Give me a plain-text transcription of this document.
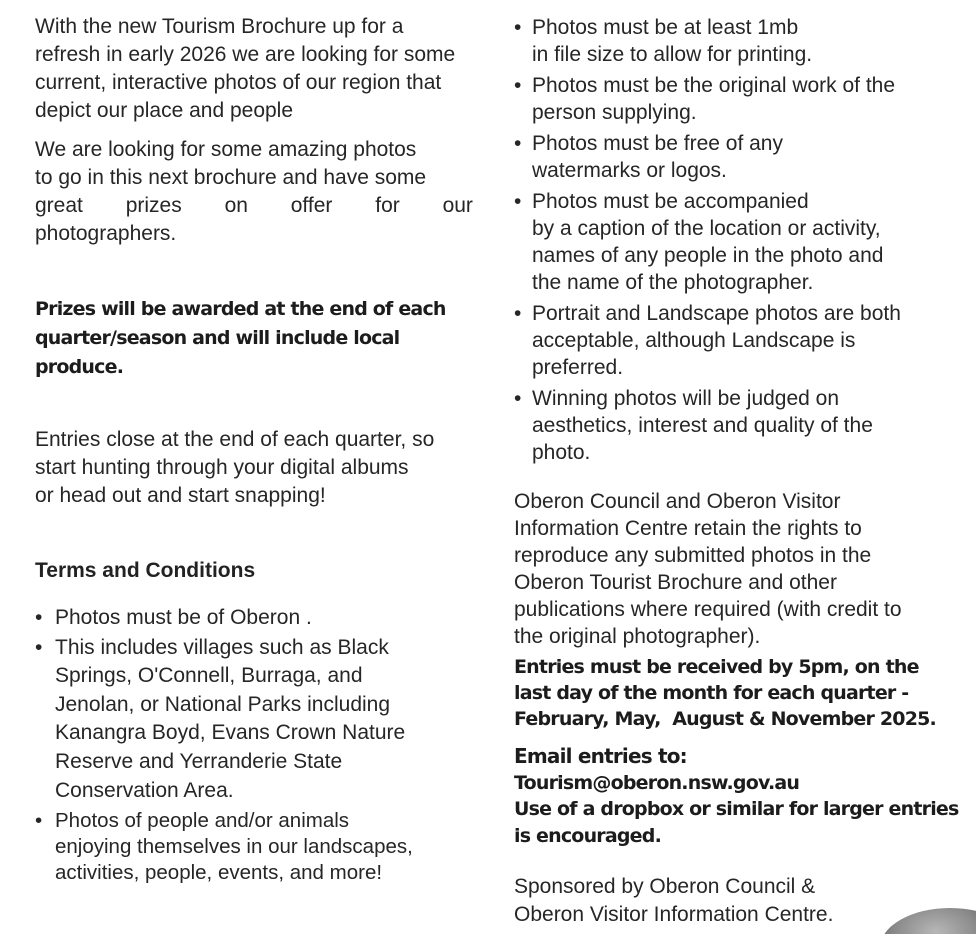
With the new Tourism Brochure up for a
refresh in early 2026 we are looking for some
current, interactive photos of our region that
depict our place and people

We are looking for some amazing photos
to go in this next brochure and have some
great prizes on offer for our
photographers.
Prizes will be awarded at the end of each
quarter/season and will include local
produce.
Entries close at the end of each quarter, so
start hunting through your digital albums
or head out and start snapping!
Terms and Conditions
• Photos must be of Oberon .
• This includes villages such as Black
Springs, O'Connell, Burraga, and
Jenolan, or National Parks including
Kanangra Boyd, Evans Crown Nature
Reserve and Yerranderie State
Conservation Area.
• Photos of people and/or animals
enjoying themselves in our landscapes,
activities, people, events, and more!
• Photos must be at least 1mb
in file size to allow for printing.
• Photos must be the original work of the
person supplying.
• Photos must be free of any
watermarks or logos.
• Photos must be accompanied
by a caption of the location or activity,
names of any people in the photo and
the name of the photographer.
• Portrait and Landscape photos are both
acceptable, although Landscape is
preferred.
• Winning photos will be judged on
aesthetics, interest and quality of the
photo.
Oberon Council and Oberon Visitor
Information Centre retain the rights to
reproduce any submitted photos in the
Oberon Tourist Brochure and other
publications where required (with credit to
the original photographer).
Entries must be received by 5pm, on the
last day of the month for each quarter -
February, May,  August & November 2025.
Email entries to:
Tourism@oberon.nsw.gov.au
Use of a dropbox or similar for larger entries
is encouraged.
Sponsored by Oberon Council &
Oberon Visitor Information Centre.
